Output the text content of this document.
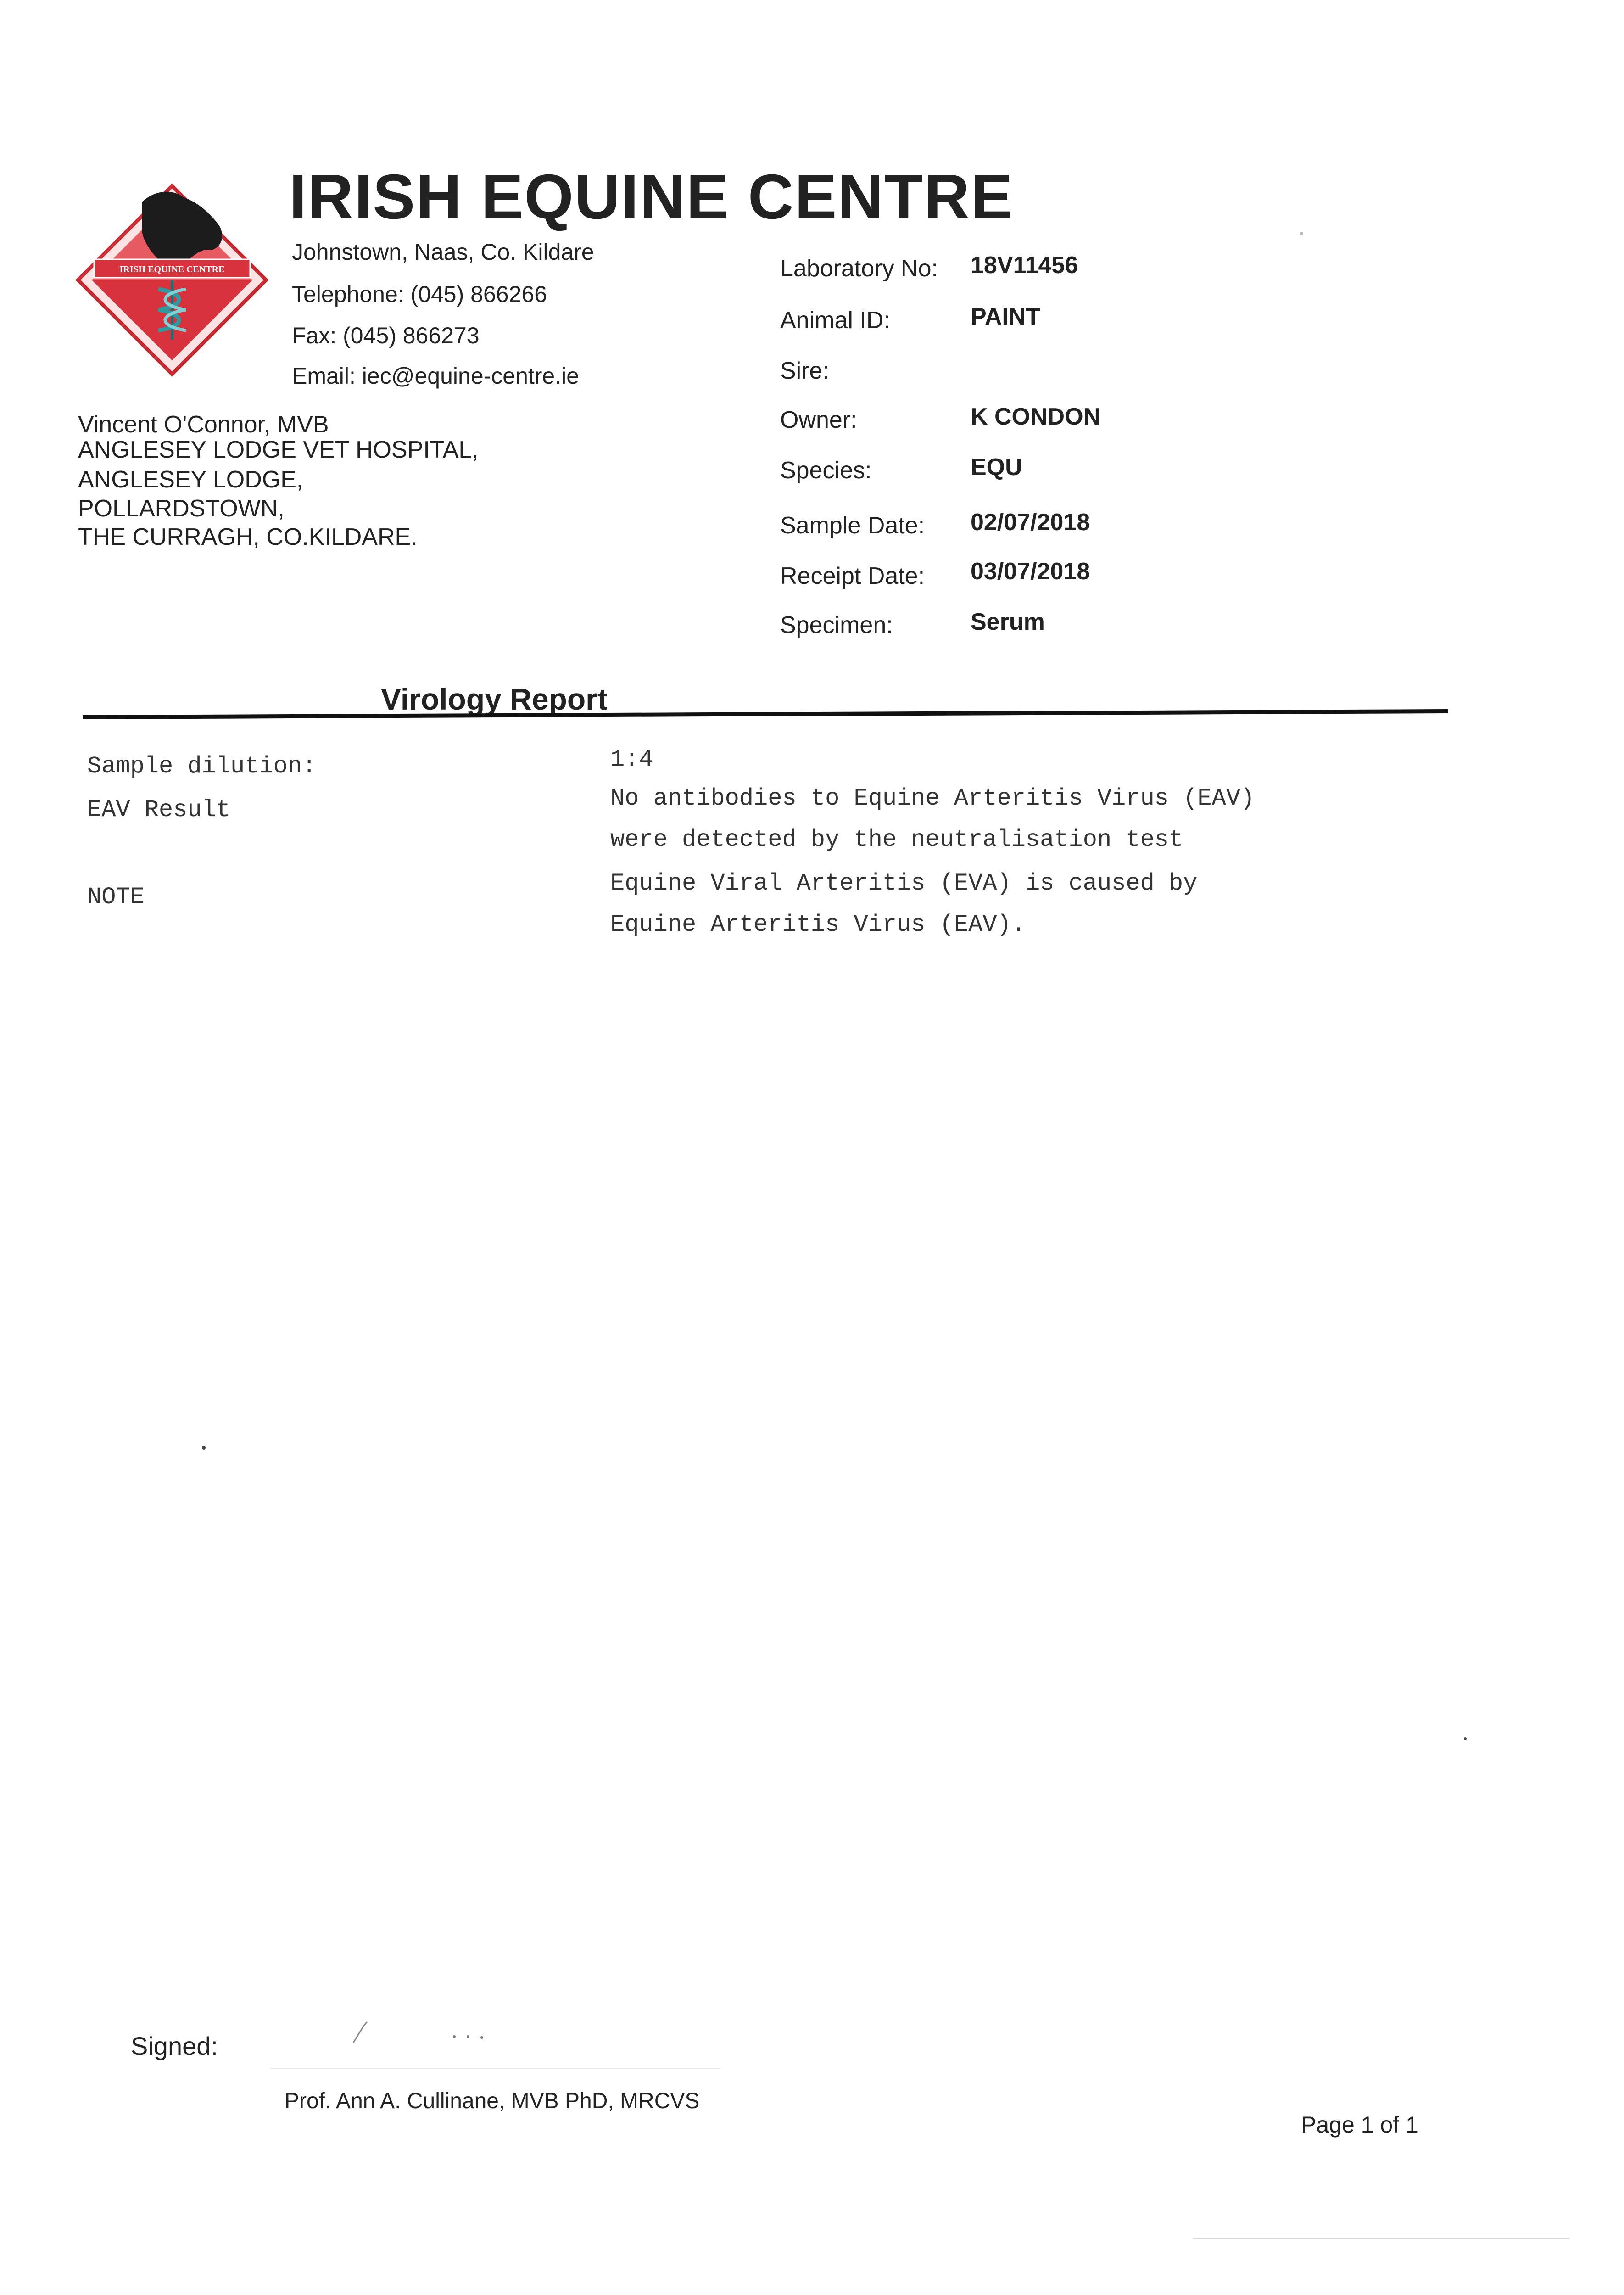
IRISH EQUINE CENTRE
IRISH EQUINE CENTRE
Johnstown, Naas, Co. Kildare
Telephone: (045) 866266
Fax: (045) 866273
Email: iec@equine-centre.ie
Vincent O'Connor, MVB
ANGLESEY LODGE VET HOSPITAL,
ANGLESEY LODGE,
POLLARDSTOWN,
THE CURRAGH, CO.KILDARE.
Laboratory No: 18V11456
Animal ID:	PAINT
Sire:
Owner:	K CONDON
Species:	EQU
Sample Date: 02/07/2018
Receipt Date: 03/07/2018
Specimen:	Serum
Virology Report
Sample dilution:	1:4
EAV Result	No antibodies to Equine Arteritis Virus (EAV)
were detected by the neutralisation test
NOTE
Equine Viral Arteritis (EVA) is caused by
Equine Arteritis Virus (EAV).
Signed:
Prof. Ann A. Cullinane, MVB PhD, MRCVS
Page 1 of 1
